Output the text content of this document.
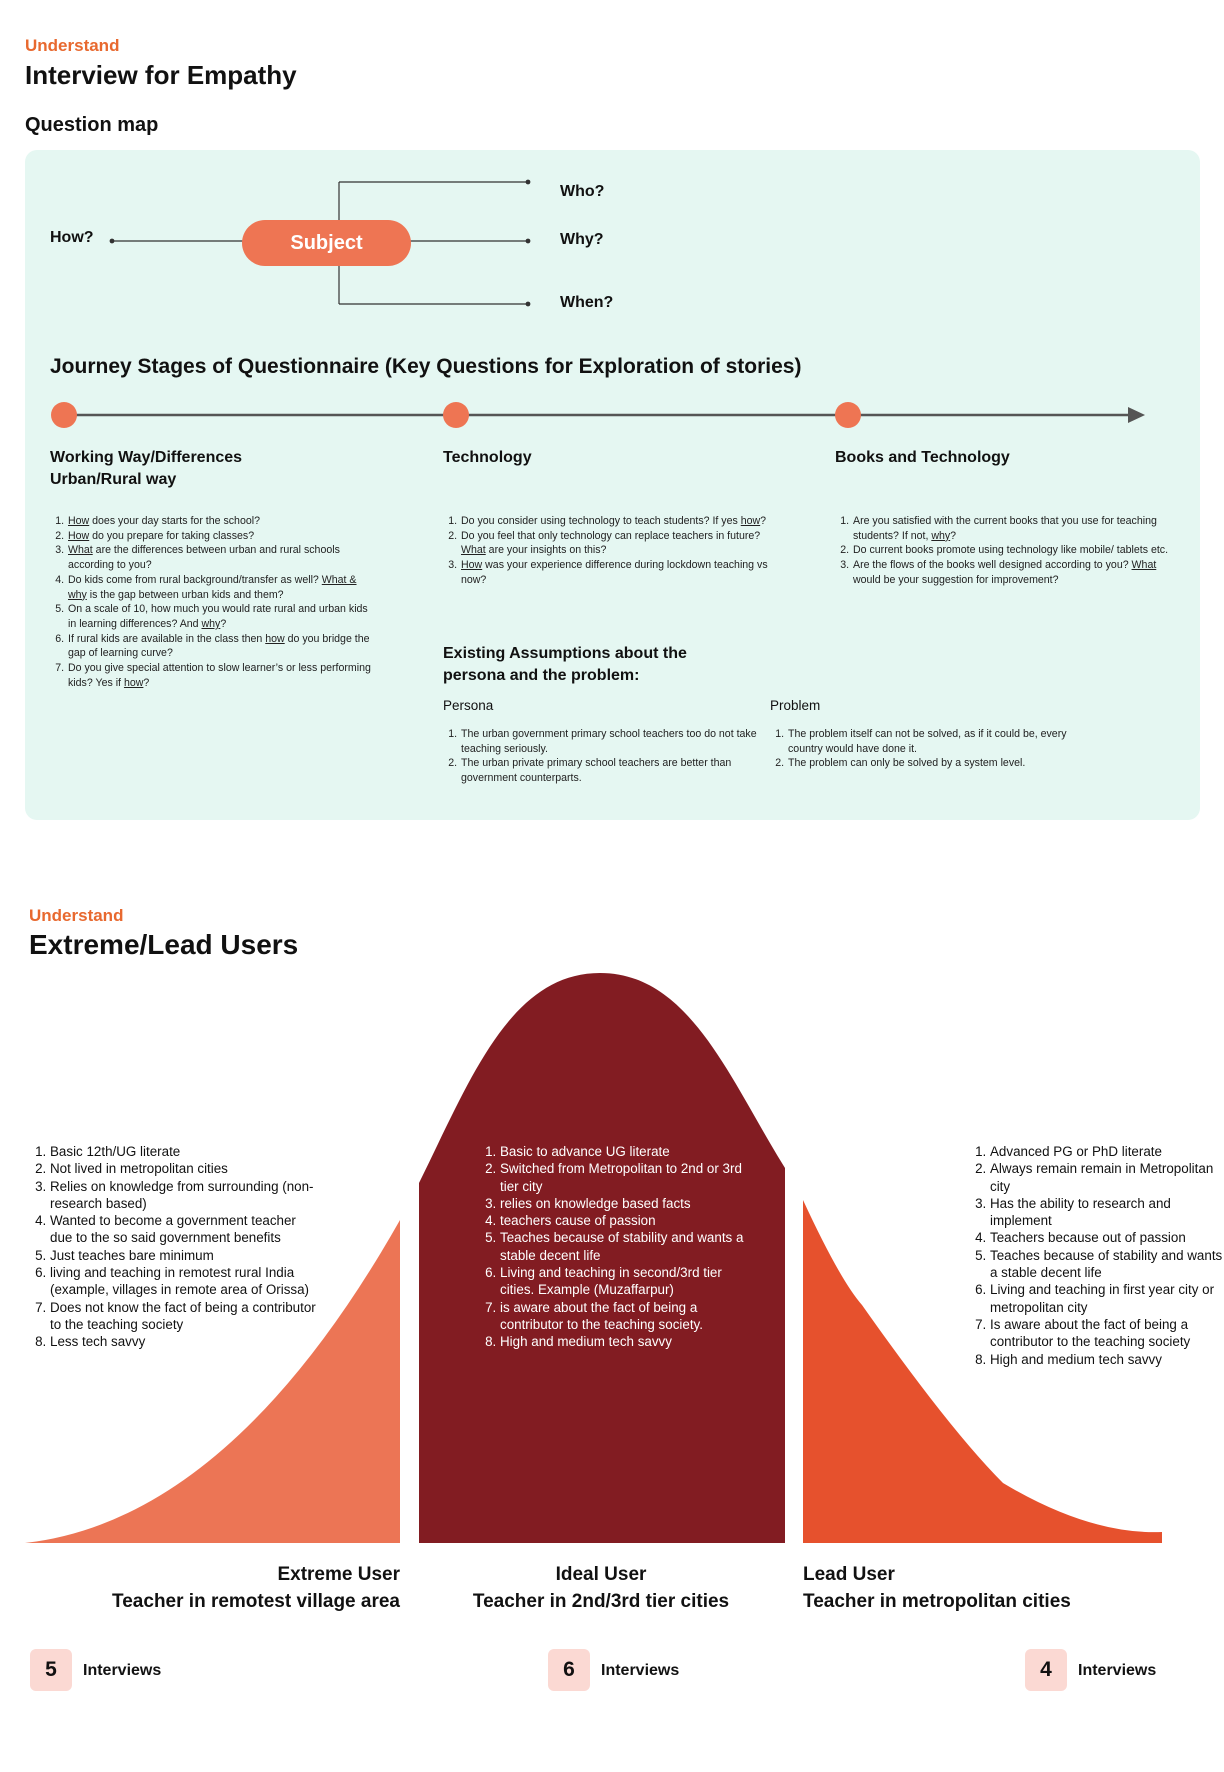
Understand
Interview for Empathy
Question map
How?	Subject
Who?
Why?
When?
Journey Stages of Questionnaire (Key Questions for Exploration of stories)
Working Way/Differences
Urban/Rural way
1. How does your day starts for the school?
2. How do you prepare for taking classes?
3. What are the differences between urban and rural schools according to you?
4. Do kids come from rural background/transfer as well? What & why is the gap between urban kids and them?
5. On a scale of 10, how much you would rate rural and urban kids in learning differences? And why?
6. If rural kids are available in the class then how do you bridge the gap of learning curve?
7. Do you give special attention to slow learner’s or less performing kids? Yes if how?
Technology
1. Do you consider using technology to teach students? If yes how?
2. Do you feel that only technology can replace teachers in future? What are your insights on this?
3. How was your experience difference during lockdown teaching vs now?
Books and Technology
1. Are you satisfied with the current books that you use for teaching students? If not, why?
2. Do current books promote using technology like mobile/ tablets etc.
3. Are the flows of the books well designed according to you? What would be your suggestion for improvement?
Existing Assumptions about the
persona and the problem:
Persona
1. The urban government primary school teachers too do not take teaching seriously.
2. The urban private primary school teachers are better than government counterparts.
Problem
1. The problem itself can not be solved, as if it could be, every country would have done it.
2. The problem can only be solved by a system level.
Understand
Extreme/Lead Users
1. Basic 12th/UG literate
2. Not lived in metropolitan cities
3. Relies on knowledge from surrounding (non-research based)
4. Wanted to become a government teacher due to the so said government benefits
5. Just teaches bare minimum
6. living and teaching in remotest rural India (example, villages in remote area of Orissa)
7. Does not know the fact of being a contributor to the teaching society
8. Less tech savvy
1. Basic to advance UG literate
2. Switched from Metropolitan to 2nd or 3rd tier city
3. relies on knowledge based facts
4. teachers cause of passion
5. Teaches because of stability and wants a stable decent life
6. Living and teaching in second/3rd tier cities. Example (Muzaffarpur)
7. is aware about the fact of being a contributor to the teaching society.
8. High and medium tech savvy
1. Advanced PG or PhD literate
2. Always remain remain in Metropolitan city
3. Has the ability to research and implement
4. Teachers because out of passion
5. Teaches because of stability and wants a stable decent life
6. Living and teaching in first year city or metropolitan city
7. Is aware about the fact of being a contributor to the teaching society
8. High and medium tech savvy
Extreme User
Teacher in remotest village area
Ideal User
Teacher in 2nd/3rd tier cities
Lead User
Teacher in metropolitan cities
5	Interviews	6	Interviews	4	Interviews
